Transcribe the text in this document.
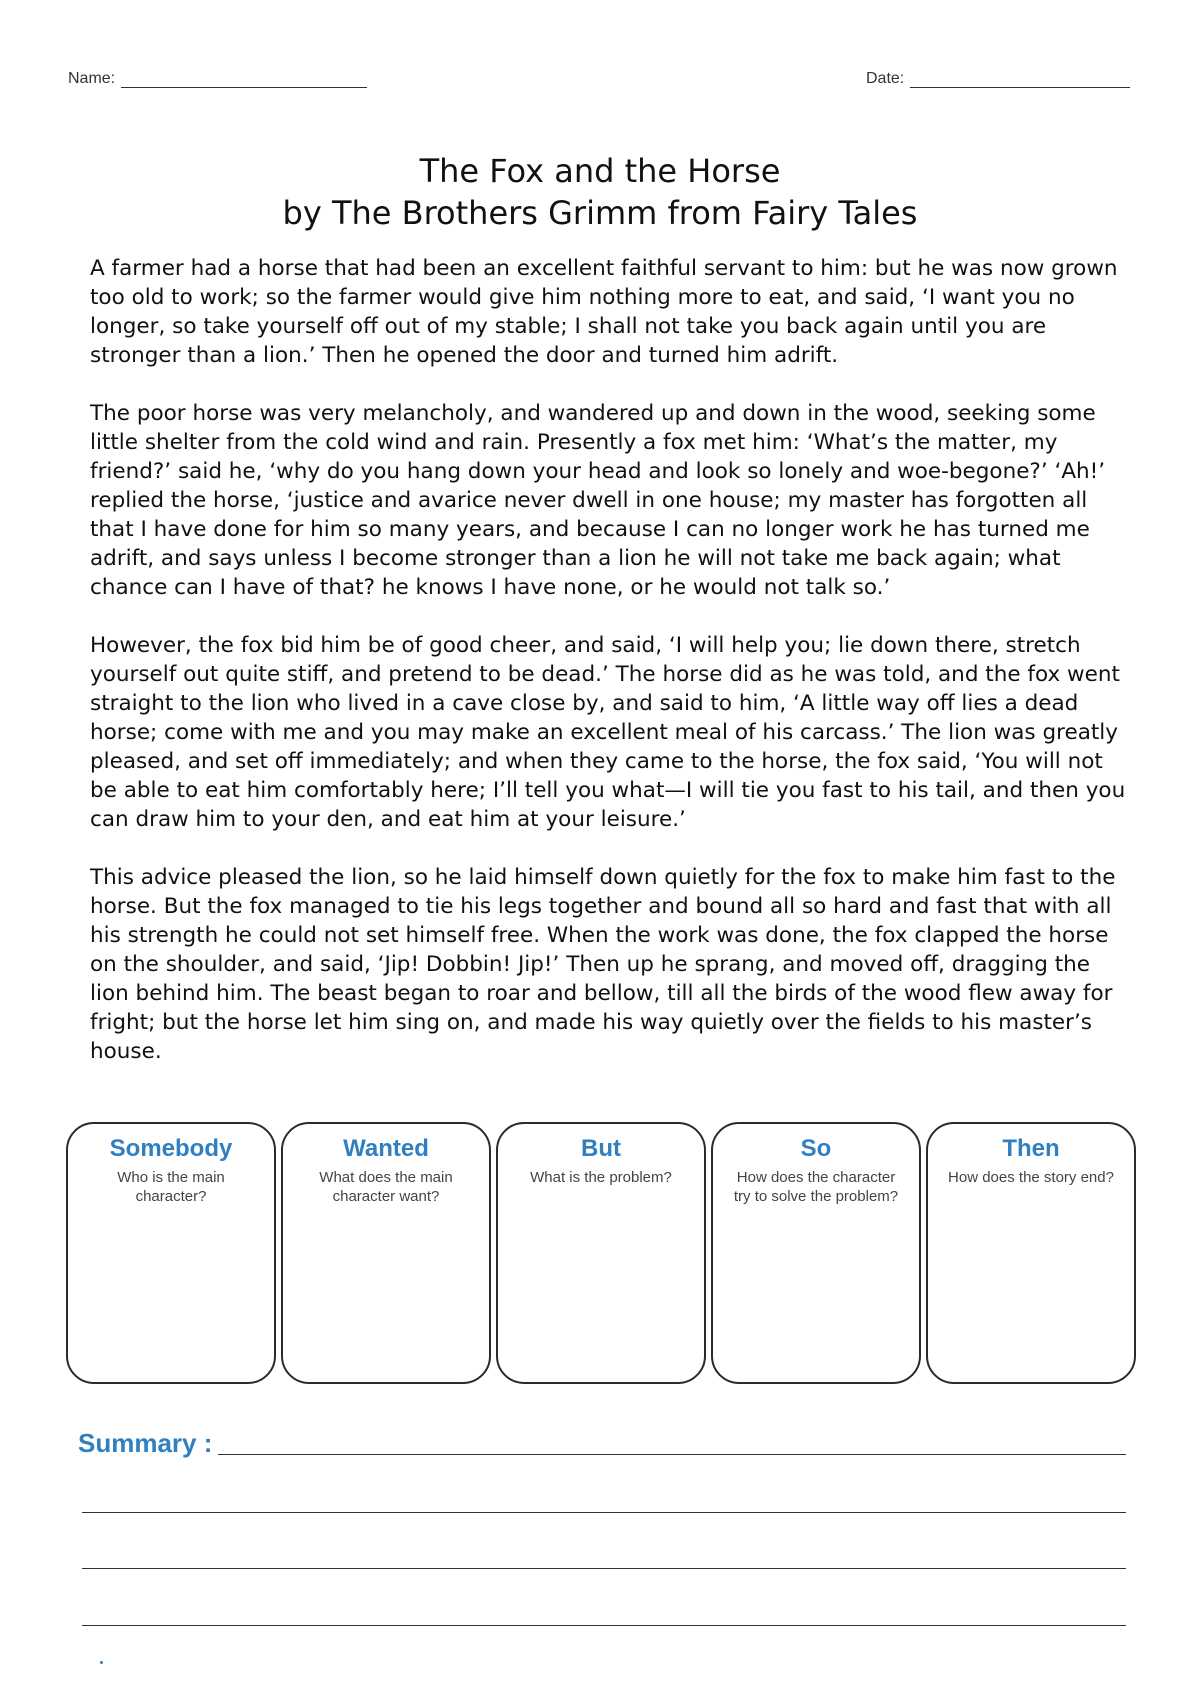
Name:	Date:
The Fox and the Horse
by The Brothers Grimm from Fairy Tales

A farmer had a horse that had been an excellent faithful servant to him: but he was now grown too old to work; so the farmer would give him nothing more to eat, and said, ‘I want you no longer, so take yourself off out of my stable; I shall not take you back again until you are stronger than a lion.’ Then he opened the door and turned him adrift.

The poor horse was very melancholy, and wandered up and down in the wood, seeking some little shelter from the cold wind and rain. Presently a fox met him: ‘What’s the matter, my friend?’ said he, ‘why do you hang down your head and look so lonely and woe-begone?’ ‘Ah!’ replied the horse, ‘justice and avarice never dwell in one house; my master has forgotten all that I have done for him so many years, and because I can no longer work he has turned me adrift, and says unless I become stronger than a lion he will not take me back again; what chance can I have of that? he knows I have none, or he would not talk so.’

However, the fox bid him be of good cheer, and said, ‘I will help you; lie down there, stretch yourself out quite stiff, and pretend to be dead.’ The horse did as he was told, and the fox went straight to the lion who lived in a cave close by, and said to him, ‘A little way off lies a dead horse; come with me and you may make an excellent meal of his carcass.’ The lion was greatly pleased, and set off immediately; and when they came to the horse, the fox said, ‘You will not be able to eat him comfortably here; I’ll tell you what—I will tie you fast to his tail, and then you can draw him to your den, and eat him at your leisure.’

This advice pleased the lion, so he laid himself down quietly for the fox to make him fast to the horse. But the fox managed to tie his legs together and bound all so hard and fast that with all his strength he could not set himself free. When the work was done, the fox clapped the horse on the shoulder, and said, ‘Jip! Dobbin! Jip!’ Then up he sprang, and moved off, dragging the lion behind him. The beast began to roar and bellow, till all the birds of the wood flew away for fright; but the horse let him sing on, and made his way quietly over the fields to his master’s house.

Somebody
Who is the main character?
Wanted
What does the main character want?
But
What is the problem?
So
How does the character try to solve the problem?
Then
How does the story end?
Summary :
